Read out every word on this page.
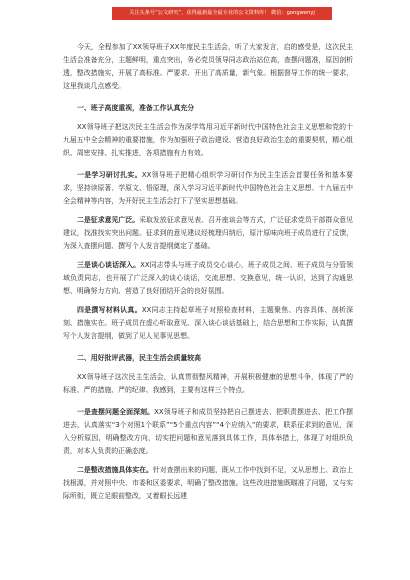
关注头条号“公文研究”，获得最新最全最专业的公文资料库！ 微信：gongwenyj

今天，全程参加了XX领导班子XX年度民主生活会，听了大家发言，启的感受是，这次民主生活会准备充分，主题鲜明，重点突出，务必党员领导同志政治站位高，查摆问题准，原因剖析透，整改措施实，开展了高标准、严要求、开出了高质量，新气象。根据督导工作的统一要求，这里我谈几点感受。

一、班子高度重视，准备工作认真充分

XX领导班子把这次民主生活会作为深学笃用习近平新时代中国特色社会主义思想和党的十九届五中全会精神的重要措施，作为加强班子政治建设、营造良好政治生态的重要契机，精心组织、周密安排、扎实推进，各项措施有力有效。

一是学习研讨扎实。XX领导班子把精心组织学习研讨作为民主生活会首要任务和基本要求，坚持读原著、学原文、悟原理，深入学习习近平新时代中国特色社会主义思想、十九届五中全会精神等内容，为开好民主生活会打下了坚实思想基础。

二是征求意见广泛。采取发放征求意见表、召开座谈会等方式，广泛征求党员干部群众意见建议，找准找实突出问题。征求到的意见建议经梳理归纳后，原汁原味向班子成员进行了反馈，为深入查摆问题、撰写个人发言提纲奠定了基础。

三是谈心谈话深入。XX同志带头与班子成员交心谈心，班子成员之间、班子成员与分管领域负责同志，也开展了广泛深入的谈心谈话，交流思想、交换意见，统一认识，达到了沟通思想、明确努力方向、营造了良好团结开会的良好氛围。

四是撰写材料认真。XX同志主持起草班子对照检查材料，主题聚焦、内容具体、剖析深刻、措施实在。班子成员在虚心听取意见、深入谈心谈话基础上，结合思想和工作实际，认真撰写个人发言提纲，做到了见人见事见思想。

二、用好批评武器，民主生活会质量较高

XX领导班子这次民主生活会，认真贯彻整风精神，开展积极健康的思想斗争，体现了严的标准、严的措施、严的纪律、我感到，主要有这样三个特点。

一是查摆问题全面深刻。XX领导班子和成员坚持把自己摆进去、把职责摆进去、把工作摆进去，认真落实“3个对照1个联系”“5个重点内容”“4个应纳入”的要求，联系征求到的意见，深入分析原因，明确整改方向，切实把问题和意见落到具体工作，具体举措上，体现了对组织负责，对本人负责的正确态度。

二是整改措施具体实在。针对查摆出来的问题，既从工作中找到不足，又从思想上、政治上找根源，并对照中央、市委和区委要求，明确了整改措施。这些改进措施既瞄准了问题，又与实际所衔，既立足眼前整改，又着眼长远建
